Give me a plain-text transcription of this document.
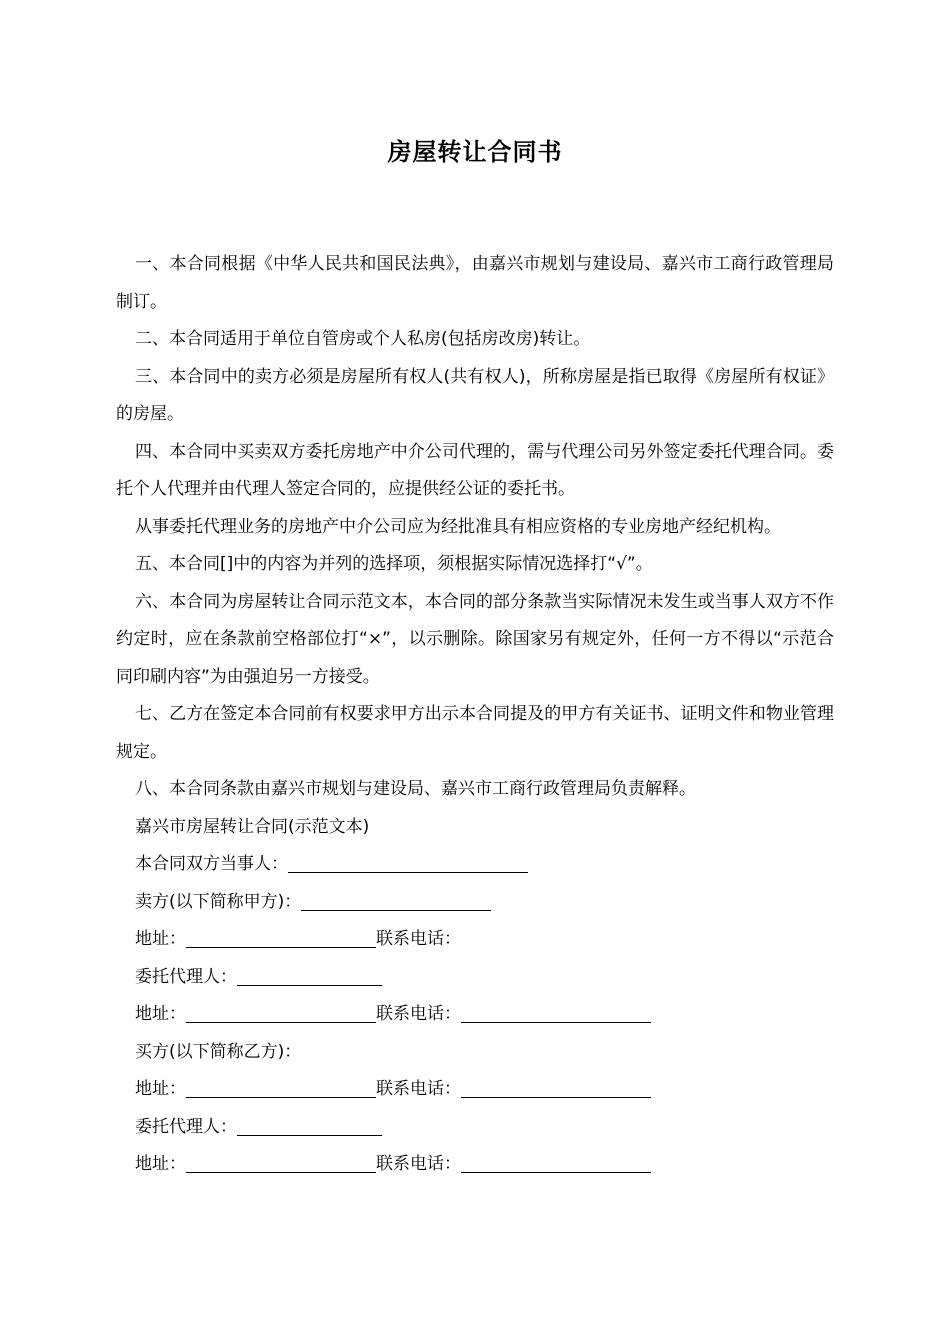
房屋转让合同书

一、本合同根据《中华人民共和国民法典》，由嘉兴市规划与建设局、嘉兴市工商行政管理局制订。

二、本合同适用于单位自管房或个人私房(包括房改房)转让。

三、本合同中的卖方必须是房屋所有权人(共有权人)，所称房屋是指已取得《房屋所有权证》的房屋。

四、本合同中买卖双方委托房地产中介公司代理的，需与代理公司另外签定委托代理合同。委托个人代理并由代理人签定合同的，应提供经公证的委托书。

从事委托代理业务的房地产中介公司应为经批准具有相应资格的专业房地产经纪机构。

五、本合同[]中的内容为并列的选择项，须根据实际情况选择打“√”。

六、本合同为房屋转让合同示范文本，本合同的部分条款当实际情况未发生或当事人双方不作约定时，应在条款前空格部位打“×”，以示删除。除国家另有规定外，任何一方不得以“示范合同印刷内容”为由强迫另一方接受。

七、乙方在签定本合同前有权要求甲方出示本合同提及的甲方有关证书、证明文件和物业管理规定。

八、本合同条款由嘉兴市规划与建设局、嘉兴市工商行政管理局负责解释。

嘉兴市房屋转让合同(示范文本)

本合同双方当事人：

卖方(以下简称甲方)：

地址：	联系电话：

委托代理人：

地址：	联系电话：

买方(以下简称乙方)：

地址：	联系电话：

委托代理人：

地址：	联系电话：
